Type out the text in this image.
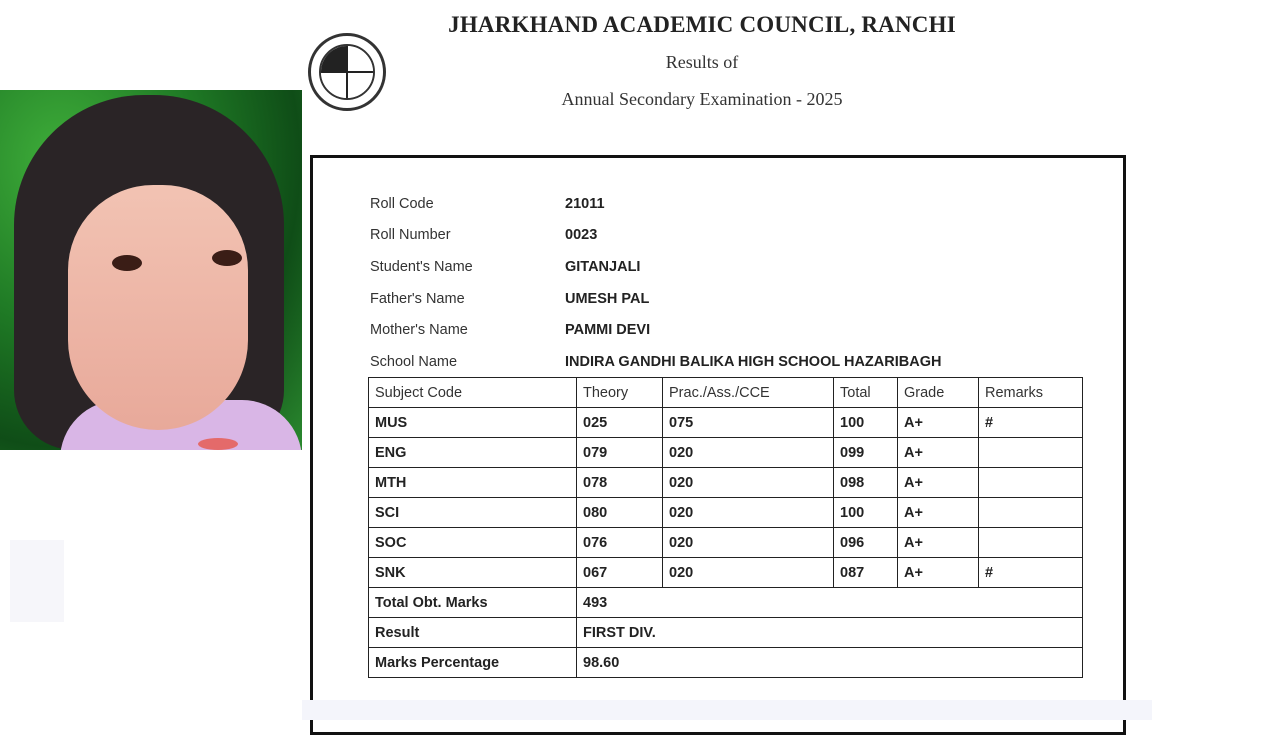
JHARKHAND ACADEMIC COUNCIL, RANCHI
Results of
Annual Secondary Examination - 2025
Roll Code	21011
Roll Number	0023
Student's Name	GITANJALI
Father's Name	UMESH PAL
Mother's Name	PAMMI DEVI
School Name	INDIRA GANDHI BALIKA HIGH SCHOOL HAZARIBAGH
Subject Code	Theory	Prac./Ass./CCE	Total	Grade	Remarks
MUS	025	075	100	A+	#
ENG	079	020	099	A+	
MTH	078	020	098	A+	
SCI	080	020	100	A+	
SOC	076	020	096	A+	
SNK	067	020	087	A+	#
Total Obt. Marks	493				
Result	FIRST DIV.				
Marks Percentage	98.60				
